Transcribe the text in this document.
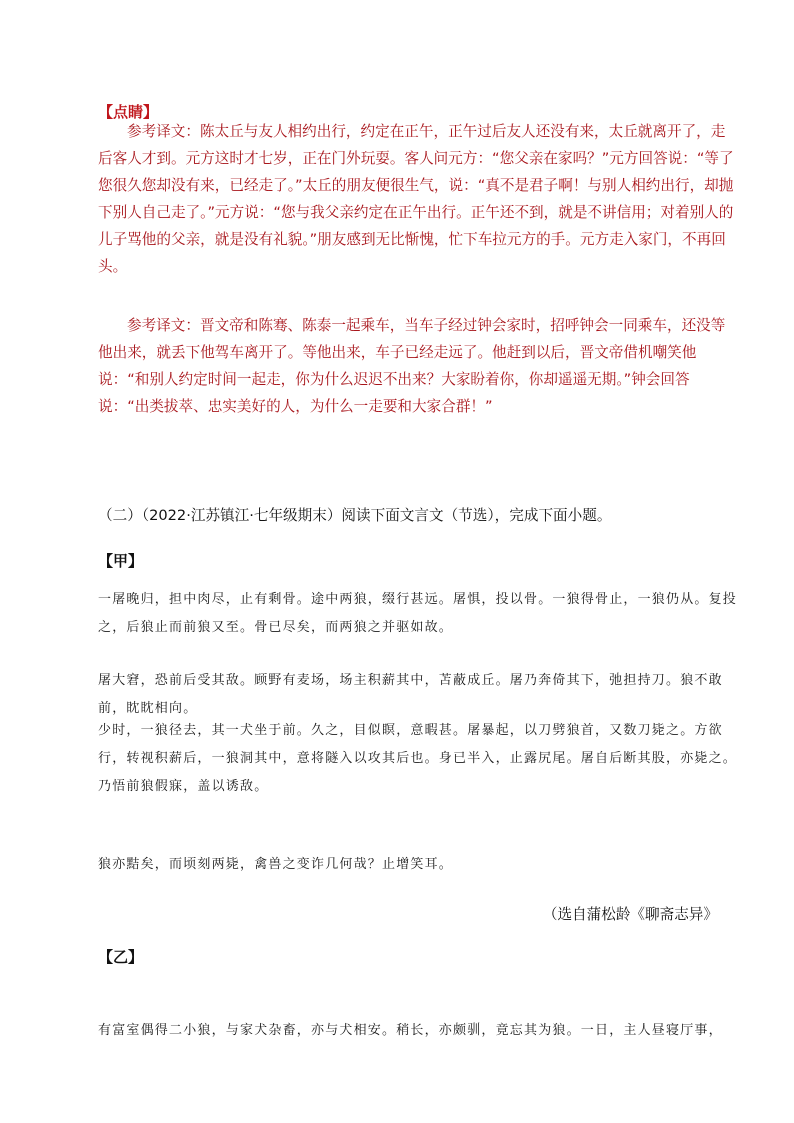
【点睛】

参考译文：陈太丘与友人相约出行，约定在正午，正午过后友人还没有来，太丘就离开了，走后客人才到。元方这时才七岁，正在门外玩耍。客人问元方：“您父亲在家吗？”元方回答说：“等了您很久您却没有来，已经走了。”太丘的朋友便很生气，说：“真不是君子啊！与别人相约出行，却抛下别人自己走了。”元方说：“您与我父亲约定在正午出行。正午还不到，就是不讲信用；对着别人的儿子骂他的父亲，就是没有礼貌。”朋友感到无比惭愧，忙下车拉元方的手。元方走入家门，不再回头。

参考译文：晋文帝和陈骞、陈泰一起乘车，当车子经过钟会家时，招呼钟会一同乘车，还没等他出来，就丢下他驾车离开了。等他出来，车子已经走远了。他赶到以后，晋文帝借机嘲笑他说：“和别人约定时间一起走，你为什么迟迟不出来？大家盼着你，你却遥遥无期。”钟会回答说：“出类拔萃、忠实美好的人，为什么一走要和大家合群！”

（二）（2022·江苏镇江·七年级期末）阅读下面文言文（节选），完成下面小题。

【甲】

一屠晚归，担中肉尽，止有剩骨。途中两狼，缀行甚远。屠惧，投以骨。一狼得骨止，一狼仍从。复投之，后狼止而前狼又至。骨已尽矣，而两狼之并驱如故。

屠大窘，恐前后受其敌。顾野有麦场，场主积薪其中，苫蔽成丘。屠乃奔倚其下，弛担持刀。狼不敢前，眈眈相向。

少时，一狼径去，其一犬坐于前。久之，目似瞑，意暇甚。屠暴起，以刀劈狼首，又数刀毙之。方欲行，转视积薪后，一狼洞其中，意将隧入以攻其后也。身已半入，止露尻尾。屠自后断其股，亦毙之。乃悟前狼假寐，盖以诱敌。

狼亦黠矣，而顷刻两毙，禽兽之变诈几何哉？止增笑耳。

（选自蒲松龄《聊斋志异》
【乙】

有富室偶得二小狼，与家犬杂畜，亦与犬相安。稍长，亦颇驯，竟忘其为狼。一日，主人昼寝厅事，
